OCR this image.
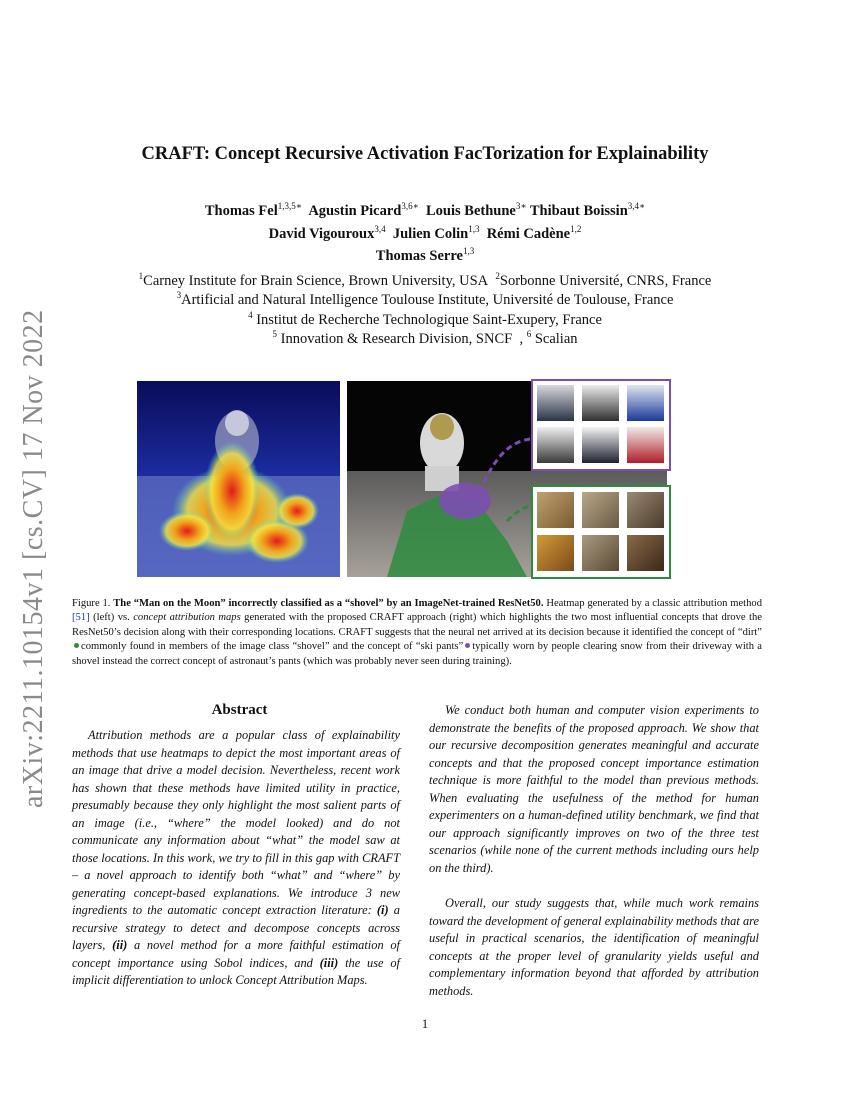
arXiv:2211.10154v1 [cs.CV] 17 Nov 2022
CRAFT: Concept Recursive Activation FacTorization for Explainability
Thomas Fel$^{1,3,5∗}$ Agustin Picard$^{3,6∗}$ Louis Bethune$^{3∗}$ Thibaut Boissin$^{3,4∗}$
David Vigouroux$^{3,4}$ Julien Colin$^{1,3}$ Rémi Cadène$^{1,2}$
Thomas Serre$^{1,3}$
$^1$Carney Institute for Brain Science, Brown University, USA $^2$Sorbonne Université, CNRS, France
$^3$Artificial and Natural Intelligence Toulouse Institute, Université de Toulouse, France
$^4$ Institut de Recherche Technologique Saint-Exupery, France
$^5$ Innovation & Research Division, SNCF  , $^6$ Scalian
Figure 1. The “Man on the Moon” incorrectly classified as a “shovel” by an ImageNet-trained ResNet50. Heatmap generated by a classic attribution method [51] (left) vs. concept attribution maps generated with the proposed CRAFT approach (right) which highlights the two most influential concepts that drove the ResNet50’s decision along with their corresponding locations. CRAFT suggests that the neural net arrived at its decision because it identified the concept of “dirt”commonly found in members of the image class “shovel” and the concept of “ski pants” typically worn by people clearing snow from their driveway with a shovel instead the correct concept of astronaut’s pants (which was probably never seen during training).
Abstract

Attribution methods are a popular class of explainability methods that use heatmaps to depict the most important areas of an image that drive a model decision. Nevertheless, recent work has shown that these methods have limited utility in practice, presumably because they only highlight the most salient parts of an image (i.e., “where” the model looked) and do not communicate any information about “what” the model saw at those locations. In this work, we try to fill in this gap with CRAFT – a novel approach to identify both “what” and “where” by generating concept-based explanations. We introduce 3 new ingredients to the automatic concept extraction literature: (i) a recursive strategy to detect and decompose concepts across layers, (ii) a novel method for a more faithful estimation of concept importance using Sobol indices, and (iii) the use of implicit differentiation to unlock Concept Attribution Maps.

We conduct both human and computer vision experiments to demonstrate the benefits of the proposed approach. We show that our recursive decomposition generates meaningful and accurate concepts and that the proposed concept importance estimation technique is more faithful to the model than previous methods. When evaluating the usefulness of the method for human experimenters on a human-defined utility benchmark, we find that our approach significantly improves on two of the three test scenarios (while none of the current methods including ours help on the third).

Overall, our study suggests that, while much work remains toward the development of general explainability methods that are useful in practical scenarios, the identification of meaningful concepts at the proper level of granularity yields useful and complementary information beyond that afforded by attribution methods.

1
